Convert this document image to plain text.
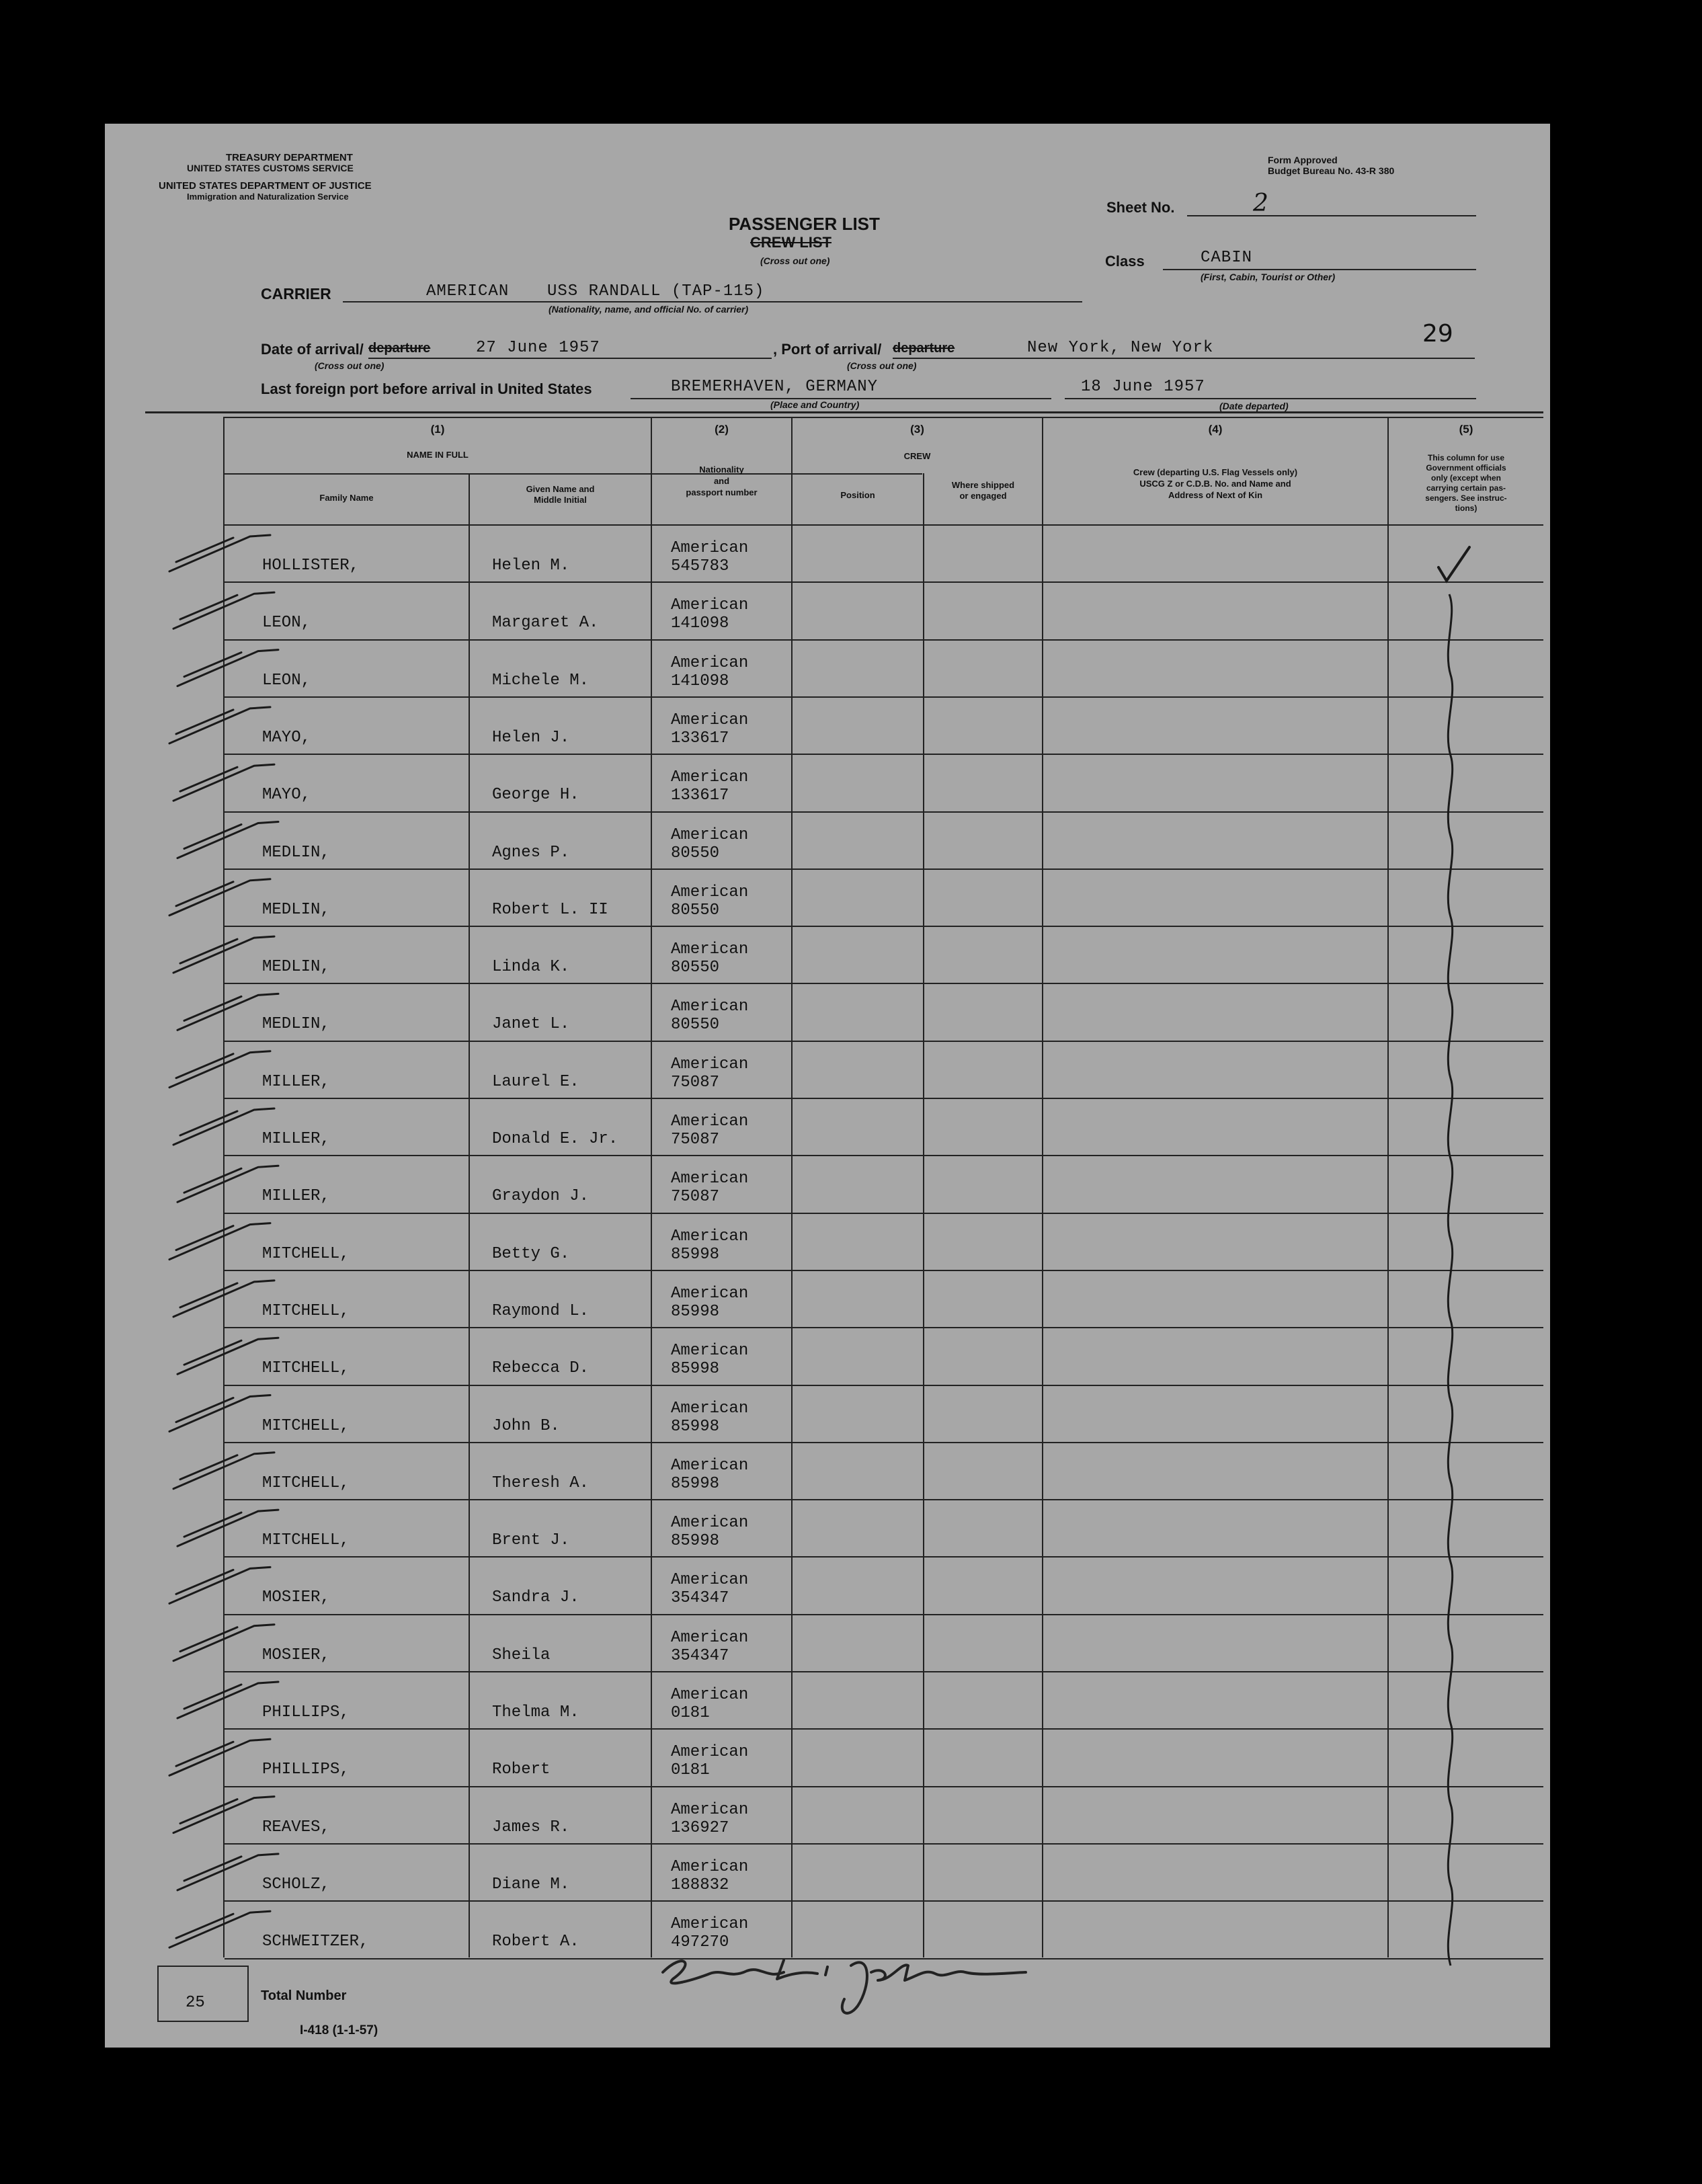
TREASURY DEPARTMENT
UNITED STATES CUSTOMS SERVICE
UNITED STATES DEPARTMENT OF JUSTICE
Immigration and Naturalization Service
Form Approved
Budget Bureau No. 43-R 380
PASSENGER LIST
CREW LIST
(Cross out one)
Sheet No.	2
Class	CABIN
(First, Cabin, Tourist or Other)
CARRIER	AMERICAN USS RANDALL (TAP-115)
(Nationality, name, and official No. of carrier)
29
Date of arrival/ departure	27 June 1957
(Cross out one)
, Port of arrival/ departure	New York, New York
(Cross out one)
Last foreign port before arrival in United States	BREMERHAVEN, GERMANY
(Place and Country)
18 June 1957
(Date departed)
(1)
NAME IN FULL
Family Name
Given Name and
Middle Initial
(2)
Nationality
and
passport number
(3)
CREW
Position
Where shipped
or engaged
(4)
Crew (departing U.S. Flag Vessels only)
USCG Z or C.D.B. No. and Name and
Address of Next of Kin
(5)
This column for use
Government officials
only (except when
carrying certain pas-
sengers. See instruc-
tions)
HOLLISTER,	Helen M.
American
545783
LEON,	Margaret A.
American
141098
LEON,	Michele M.
American
141098
MAYO,	Helen J.
American
133617
MAYO,	George H.
American
133617
MEDLIN,	Agnes P.
American
80550
MEDLIN,	Robert L. II
American
80550
MEDLIN,	Linda K.
American
80550
MEDLIN,	Janet L.
American
80550
MILLER,	Laurel E.
American
75087
MILLER,	Donald E. Jr.
American
75087
MILLER,	Graydon J.
American
75087
MITCHELL,	Betty G.
American
85998
MITCHELL,	Raymond L.
American
85998
MITCHELL,	Rebecca D.
American
85998
MITCHELL,	John B.
American
85998
MITCHELL,	Theresh A.
American
85998
MITCHELL,	Brent J.
American
85998
MOSIER,	Sandra J.
American
354347
MOSIER,	Sheila
American
354347
PHILLIPS,	Thelma M.
American
0181
PHILLIPS,	Robert
American
0181
REAVES,	James R.
American
136927
SCHOLZ,	Diane M.
American
188832
SCHWEITZER,	Robert A.
American
497270
25	Total Number
I-418 (1-1-57)
